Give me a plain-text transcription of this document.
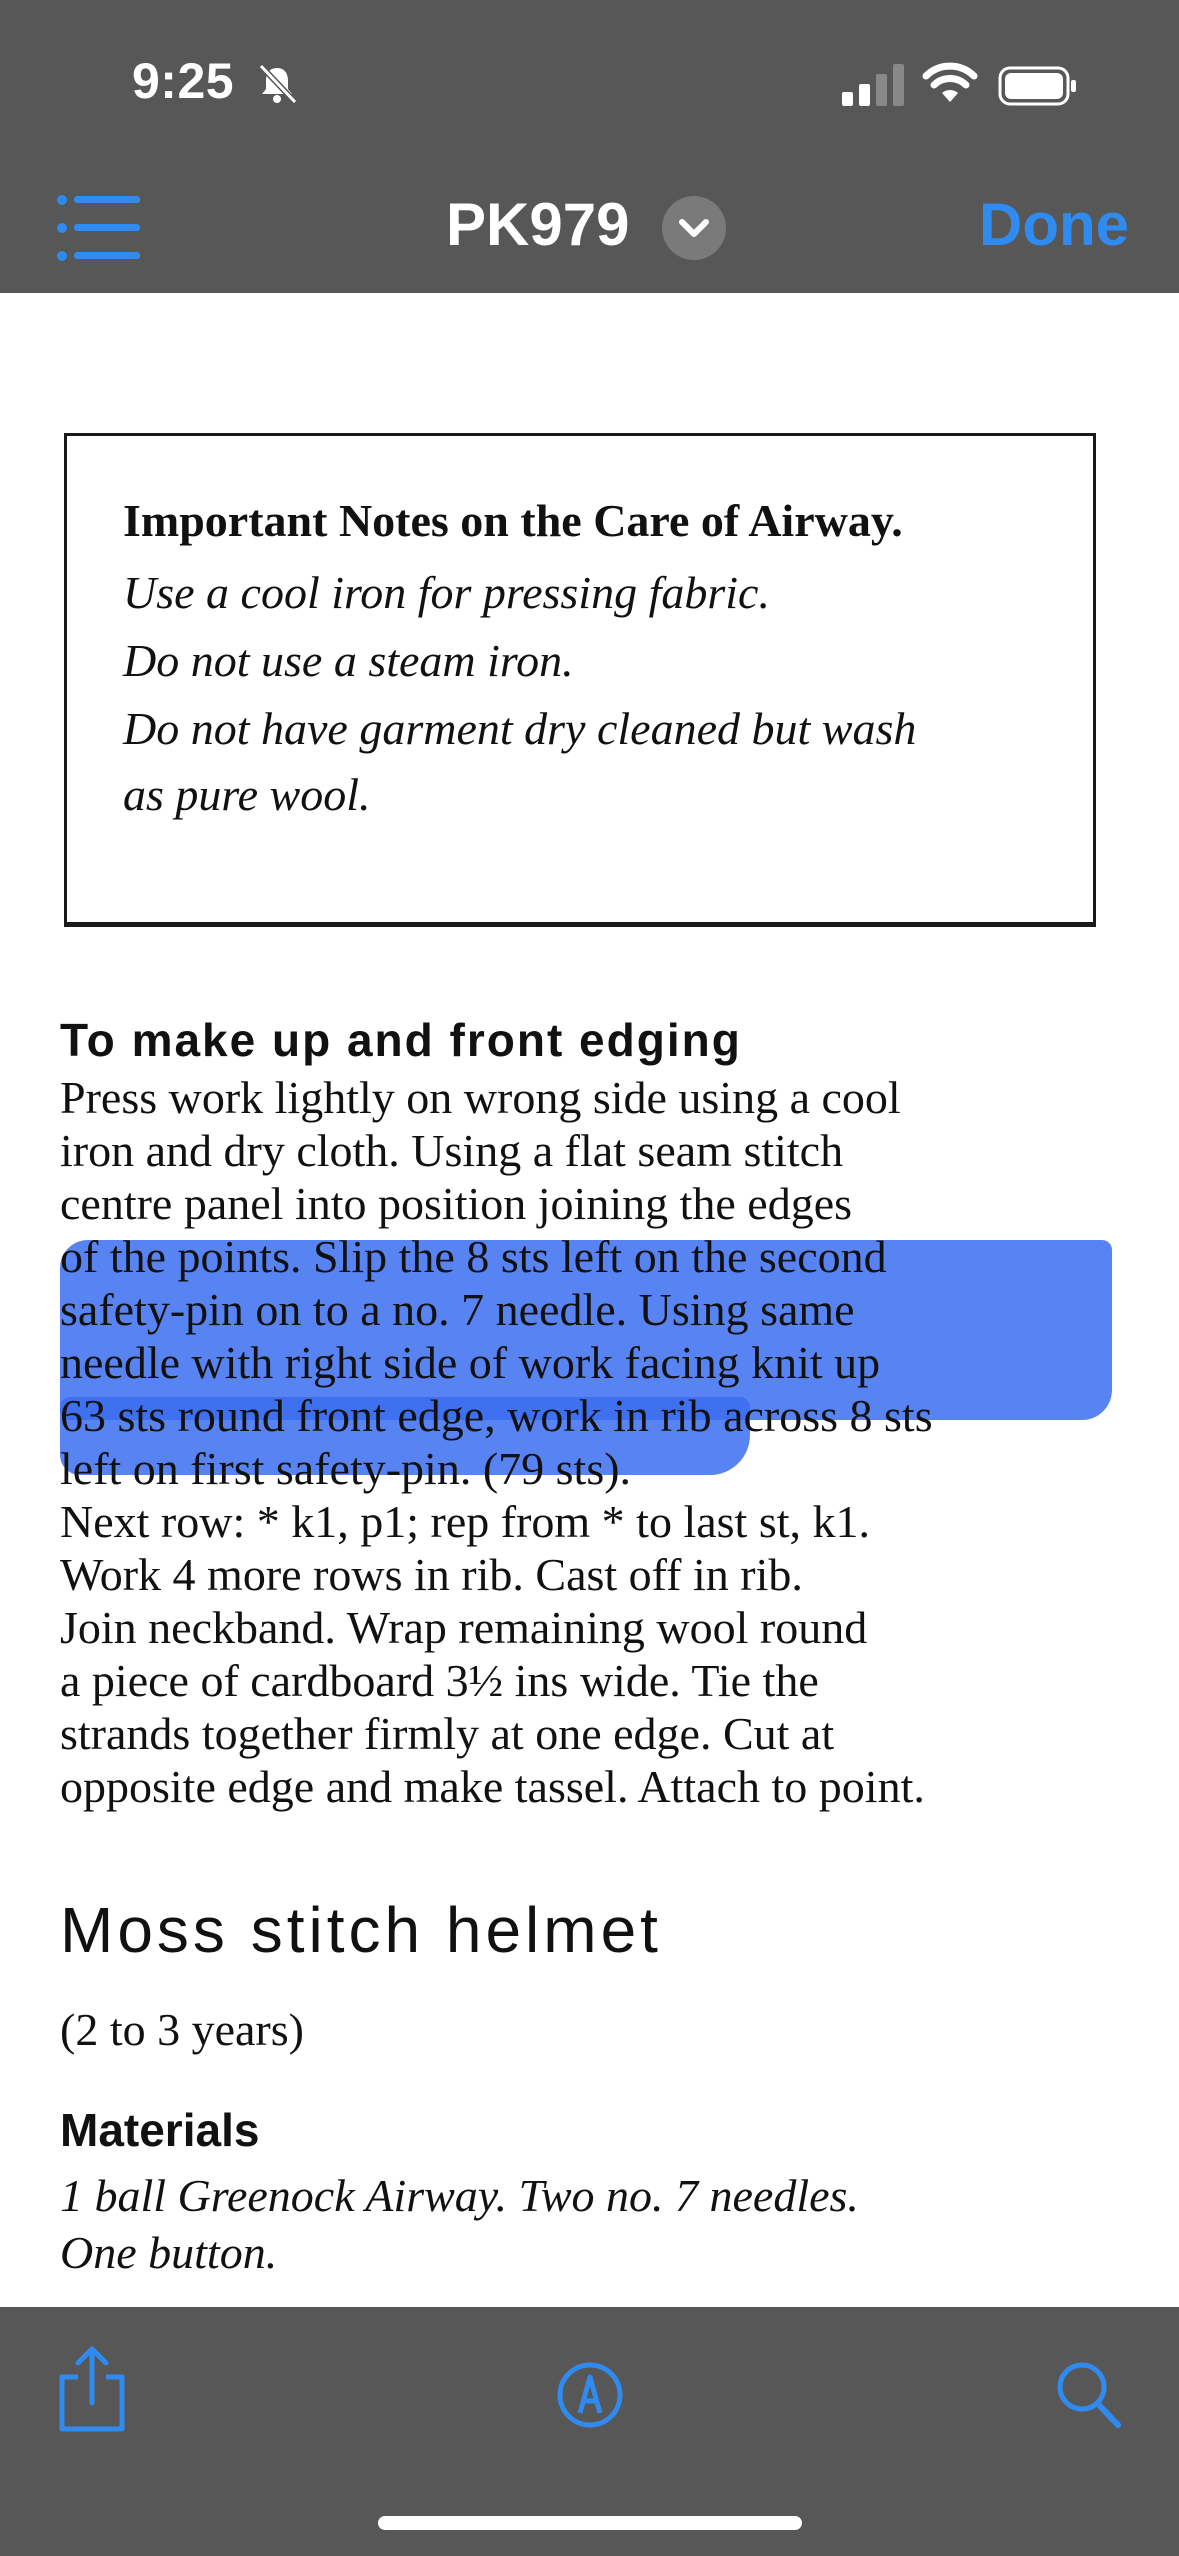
9:25
PK979	Done
Important Notes on the Care of Airway.
Use a cool iron for pressing fabric.
Do not use a steam iron.
Do not have garment dry cleaned but wash
as pure wool.
To make up and front edging
Press work lightly on wrong side using a cool
iron and dry cloth. Using a flat seam stitch
centre panel into position joining the edges
of the points. Slip the 8 sts left on the second
safety-pin on to a no. 7 needle. Using same
needle with right side of work facing knit up
63 sts round front edge, work in rib across 8 sts
left on first safety-pin. (79 sts).
Next row: * k1, p1; rep from * to last st, k1.
Work 4 more rows in rib. Cast off in rib.
Join neckband. Wrap remaining wool round
a piece of cardboard 3½ ins wide. Tie the
strands together firmly at one edge. Cut at
opposite edge and make tassel. Attach to point.
Moss stitch helmet
(2 to 3 years)
Materials
1 ball Greenock Airway. Two no. 7 needles.
One button.
